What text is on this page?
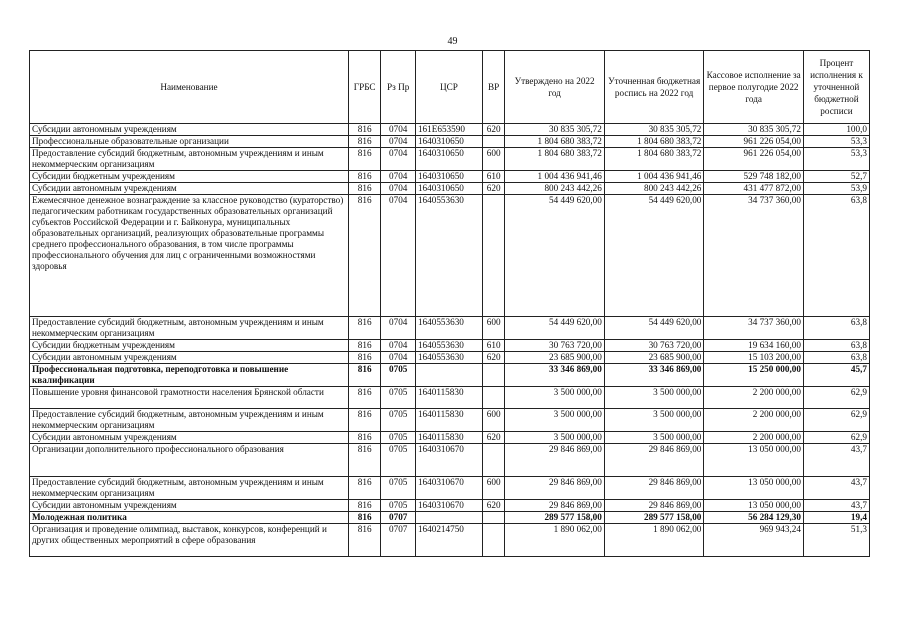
49
Наименование	ГРБС	Рз Пр	ЦСР	ВР	Утверждено на 2022 год	Уточненная бюджетная роспись на 2022 год	Кассовое исполнение за первое полугодие 2022 года	Процент исполнения к уточненной бюджетной росписи
Субсидии автономным учреждениям	816	0704	161E653590	620	30 835 305,72	30 835 305,72	30 835 305,72	100,0
Профессиональные образовательные организации	816	0704	1640310650		1 804 680 383,72	1 804 680 383,72	961 226 054,00	53,3
Предоставление субсидий бюджетным, автономным учреждениям и иным некоммерческим организациям	816	0704	1640310650	600	1 804 680 383,72	1 804 680 383,72	961 226 054,00	53,3
Субсидии бюджетным учреждениям	816	0704	1640310650	610	1 004 436 941,46	1 004 436 941,46	529 748 182,00	52,7
Субсидии автономным учреждениям	816	0704	1640310650	620	800 243 442,26	800 243 442,26	431 477 872,00	53,9
Ежемесячное денежное вознаграждение за классное руководство (кураторство) педагогическим работникам государственных образовательных организаций субъектов Российской Федерации и г. Байконура, муниципальных образовательных организаций, реализующих образовательные программы среднего профессионального образования, в том числе программы профессионального обучения для лиц с ограниченными возможностями здоровья	816	0704	1640553630		54 449 620,00	54 449 620,00	34 737 360,00	63,8
Предоставление субсидий бюджетным, автономным учреждениям и иным некоммерческим организациям	816	0704	1640553630	600	54 449 620,00	54 449 620,00	34 737 360,00	63,8
Субсидии бюджетным учреждениям	816	0704	1640553630	610	30 763 720,00	30 763 720,00	19 634 160,00	63,8
Субсидии автономным учреждениям	816	0704	1640553630	620	23 685 900,00	23 685 900,00	15 103 200,00	63,8
Профессиональная подготовка, переподготовка и повышение квалификации	816	0705			33 346 869,00	33 346 869,00	15 250 000,00	45,7
Повышение уровня финансовой грамотности населения Брянской области	816	0705	1640115830		3 500 000,00	3 500 000,00	2 200 000,00	62,9
Предоставление субсидий бюджетным, автономным учреждениям и иным некоммерческим организациям	816	0705	1640115830	600	3 500 000,00	3 500 000,00	2 200 000,00	62,9
Субсидии автономным учреждениям	816	0705	1640115830	620	3 500 000,00	3 500 000,00	2 200 000,00	62,9
Организации дополнительного профессионального образования	816	0705	1640310670		29 846 869,00	29 846 869,00	13 050 000,00	43,7
Предоставление субсидий бюджетным, автономным учреждениям и иным некоммерческим организациям	816	0705	1640310670	600	29 846 869,00	29 846 869,00	13 050 000,00	43,7
Субсидии автономным учреждениям	816	0705	1640310670	620	29 846 869,00	29 846 869,00	13 050 000,00	43,7
Молодежная политика	816	0707			289 577 158,00	289 577 158,00	56 284 129,30	19,4
Организация и проведение олимпиад, выставок, конкурсов, конференций и других общественных мероприятий в сфере образования	816	0707	1640214750		1 890 062,00	1 890 062,00	969 943,24	51,3
